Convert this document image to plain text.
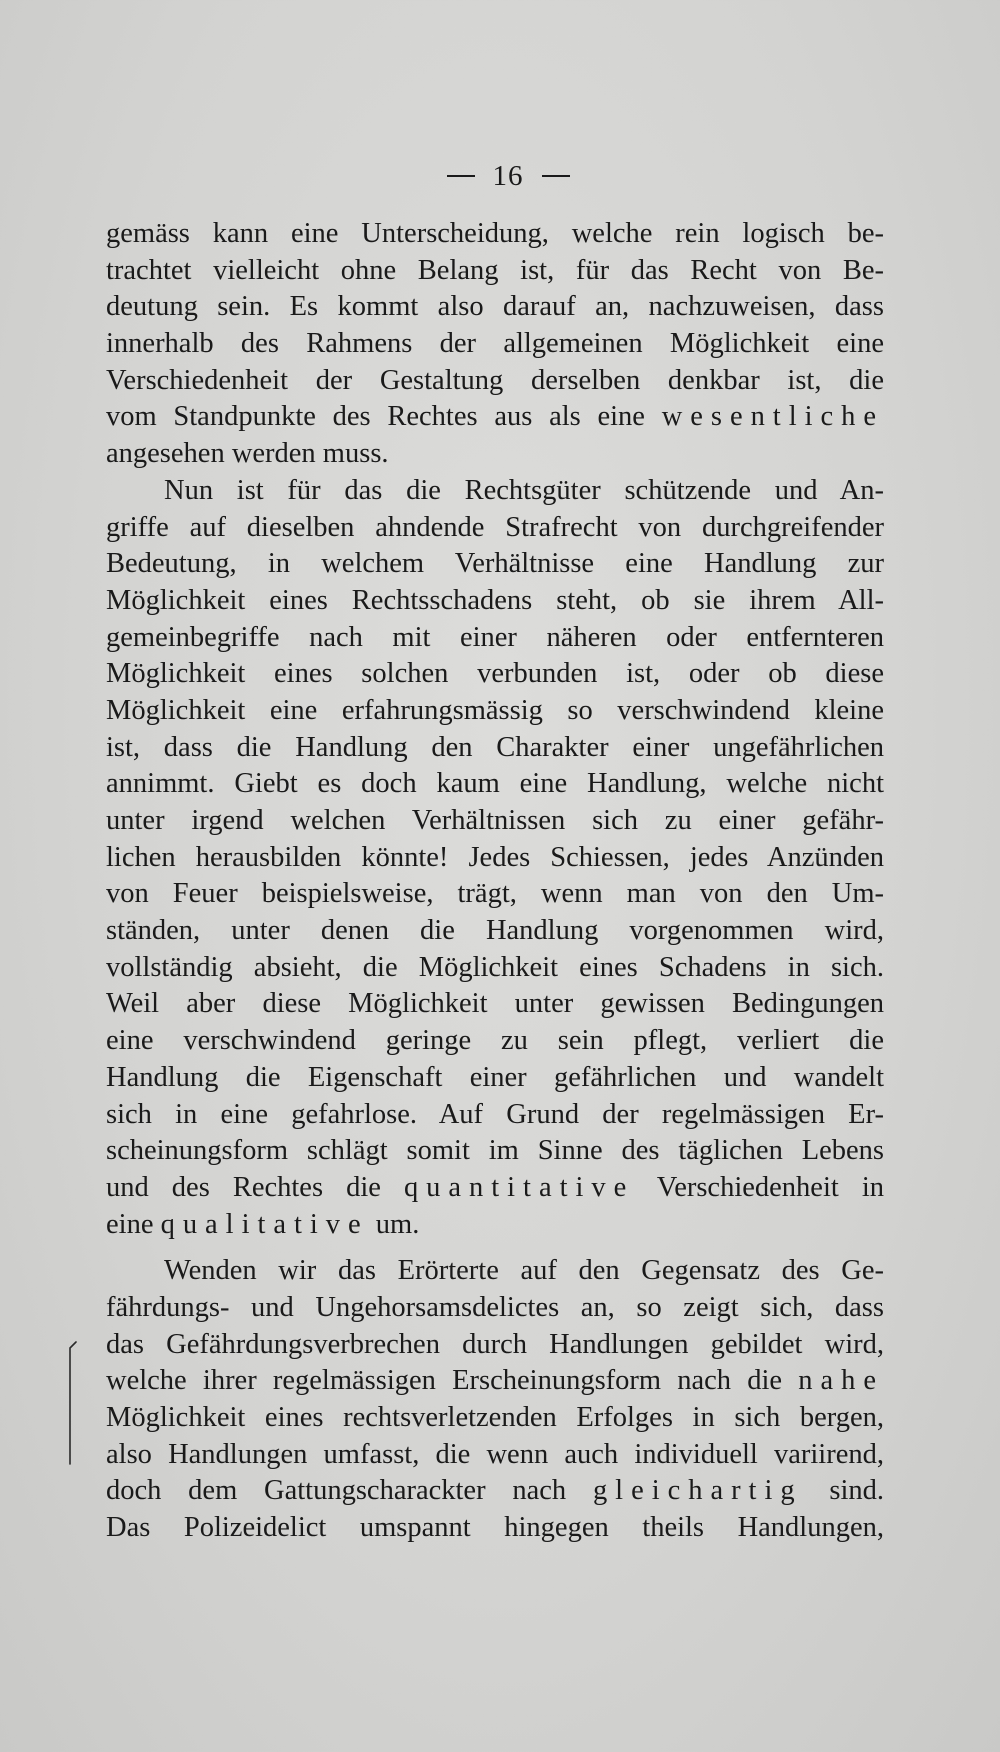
16
gemäss kann eine Unterscheidung, welche rein logisch be-
trachtet vielleicht ohne Belang ist, für das Recht von Be-
deutung sein. Es kommt also darauf an, nachzuweisen, dass
innerhalb des Rahmens der allgemeinen Möglichkeit eine
Verschiedenheit der Gestaltung derselben denkbar ist, die
vom Standpunkte des Rechtes aus als eine wesentliche
angesehen werden muss.
Nun ist für das die Rechtsgüter schützende und An-
griffe auf dieselben ahndende Strafrecht von durchgreifender
Bedeutung, in welchem Verhältnisse eine Handlung zur
Möglichkeit eines Rechtsschadens steht, ob sie ihrem All-
gemeinbegriffe nach mit einer näheren oder entfernteren
Möglichkeit eines solchen verbunden ist, oder ob diese
Möglichkeit eine erfahrungsmässig so verschwindend kleine
ist, dass die Handlung den Charakter einer ungefährlichen
annimmt. Giebt es doch kaum eine Handlung, welche nicht
unter irgend welchen Verhältnissen sich zu einer gefähr-
lichen herausbilden könnte! Jedes Schiessen, jedes Anzünden
von Feuer beispielsweise, trägt, wenn man von den Um-
ständen, unter denen die Handlung vorgenommen wird,
vollständig absieht, die Möglichkeit eines Schadens in sich.
Weil aber diese Möglichkeit unter gewissen Bedingungen
eine verschwindend geringe zu sein pflegt, verliert die
Handlung die Eigenschaft einer gefährlichen und wandelt
sich in eine gefahrlose. Auf Grund der regelmässigen Er-
scheinungsform schlägt somit im Sinne des täglichen Lebens
und des Rechtes die quantitative Verschiedenheit in
eine qualitative um.
Wenden wir das Erörterte auf den Gegensatz des Ge-
fährdungs- und Ungehorsamsdelictes an, so zeigt sich, dass
das Gefährdungsverbrechen durch Handlungen gebildet wird,
welche ihrer regelmässigen Erscheinungsform nach die nahe
Möglichkeit eines rechtsverletzenden Erfolges in sich bergen,
also Handlungen umfasst, die wenn auch individuell variirend,
doch dem Gattungscharackter nach gleichartig sind.
Das Polizeidelict umspannt hingegen theils Handlungen,
